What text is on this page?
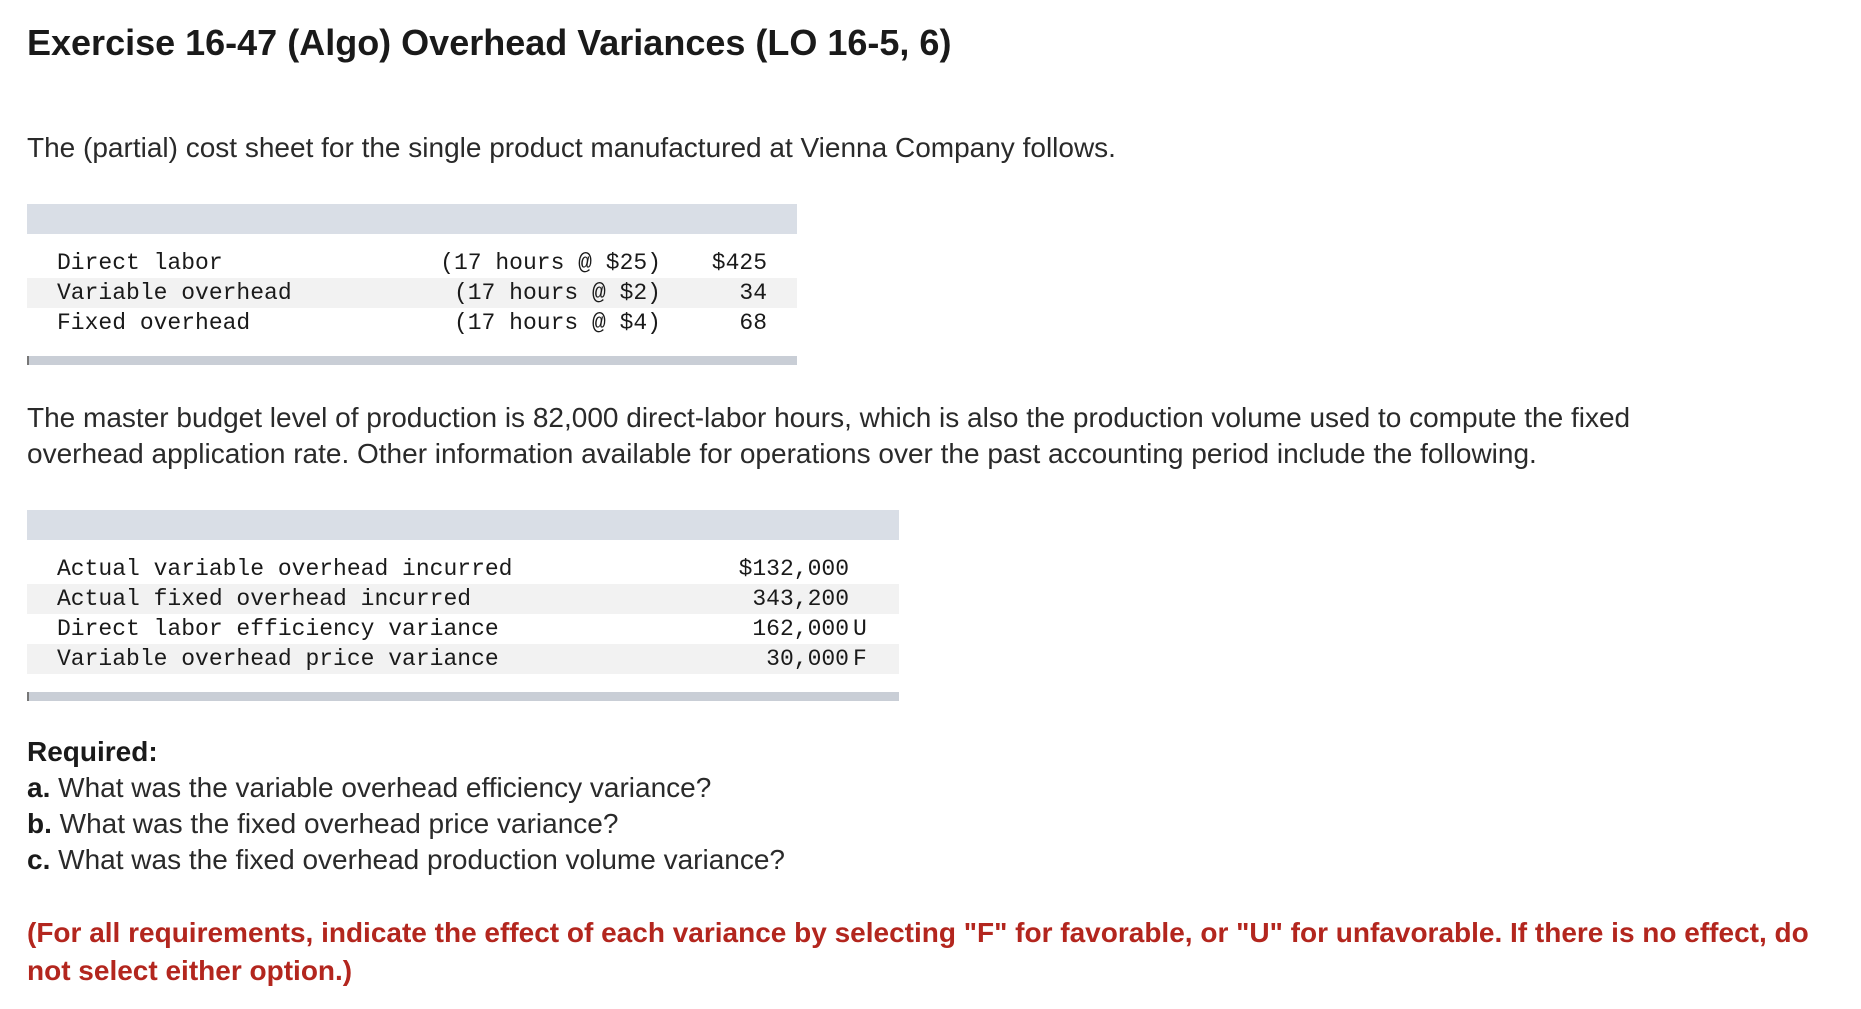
Exercise 16-47 (Algo) Overhead Variances (LO 16-5, 6)

The (partial) cost sheet for the single product manufactured at Vienna Company follows.

Direct labor	(17 hours @ $25) $425
Variable overhead	(17 hours @ $2)	34
Fixed overhead	(17 hours @ $4)	68

The master budget level of production is 82,000 direct-labor hours, which is also the production volume used to compute the fixed
overhead application rate. Other information available for operations over the past accounting period include the following.

Actual variable overhead incurred	$132,000
Actual fixed overhead incurred	343,200
Direct labor efficiency variance	162,000 U
Variable overhead price variance	30,000 F
Required:
a. What was the variable overhead efficiency variance?
b. What was the fixed overhead price variance?
c. What was the fixed overhead production volume variance?
(For all requirements, indicate the effect of each variance by selecting "F" for favorable, or "U" for unfavorable. If there is no effect, do not select either option.)
